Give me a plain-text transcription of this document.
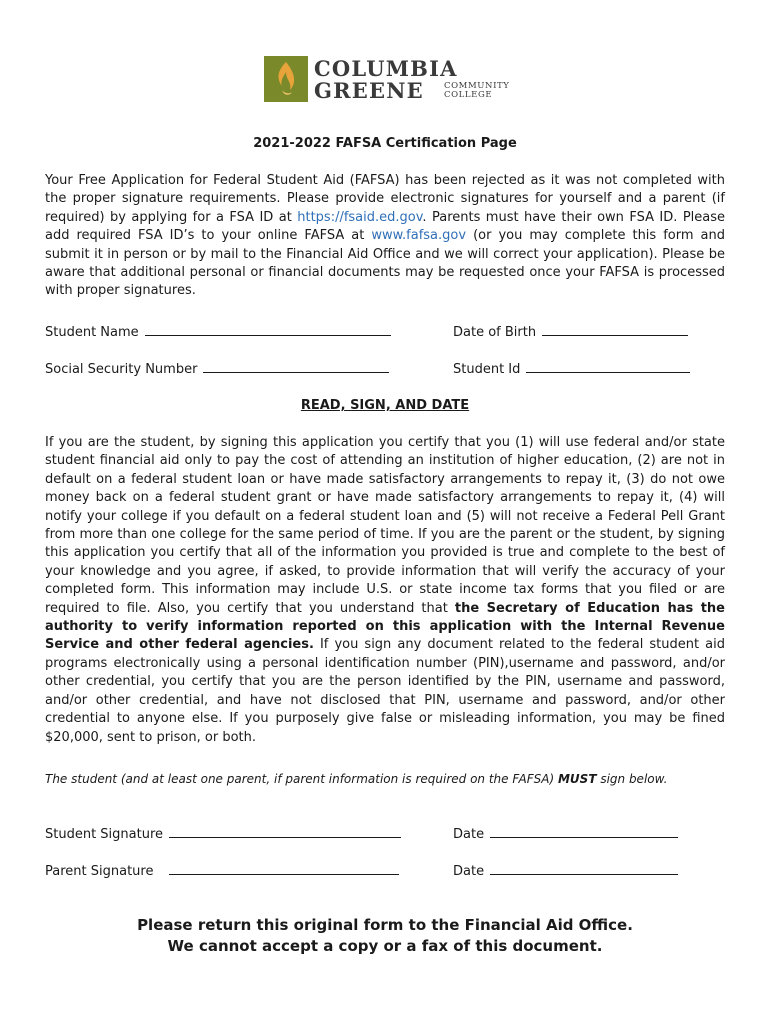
COLUMBIA
GREENE COMMUNITY
COLLEGE
2021-2022 FAFSA Certification Page

Your Free Application for Federal Student Aid (FAFSA) has been rejected as it was not completed with the proper signature requirements. Please provide electronic signatures for yourself and a parent (if required) by applying for a FSA ID at https://fsaid.ed.gov. Parents must have their own FSA ID. Please add required FSA ID’s to your online FAFSA at www.fafsa.gov (or you may complete this form and submit it in person or by mail to the Financial Aid Office and we will correct your application). Please be aware that additional personal or financial documents may be requested once your FAFSA is processed with proper signatures.

Student Name	Date of Birth
Social Security Number	Student Id
READ, SIGN, AND DATE

If you are the student, by signing this application you certify that you (1) will use federal and/or state student financial aid only to pay the cost of attending an institution of higher education, (2) are not in default on a federal student loan or have made satisfactory arrangements to repay it, (3) do not owe money back on a federal student grant or have made satisfactory arrangements to repay it, (4) will notify your college if you default on a federal student loan and (5) will not receive a Federal Pell Grant from more than one college for the same period of time. If you are the parent or the student, by signing this application you certify that all of the information you provided is true and complete to the best of your knowledge and you agree, if asked, to provide information that will verify the accuracy of your completed form. This information may include U.S. or state income tax forms that you filed or are required to file. Also, you certify that you understand that the Secretary of Education has the authority to verify information reported on this application with the Internal Revenue Service and other federal agencies. If you sign any document related to the federal student aid programs electronically using a personal identification number (PIN),username and password, and/or other credential, you certify that you are the person identified by the PIN, username and password, and/or other credential, and have not disclosed that PIN, username and password, and/or other credential to anyone else. If you purposely give false or misleading information, you may be fined $20,000, sent to prison, or both.

The student (and at least one parent, if parent information is required on the FAFSA) MUST sign below.
Student Signature	Date
Parent Signature	Date
Please return this original form to the Financial Aid Office.
We cannot accept a copy or a fax of this document.
